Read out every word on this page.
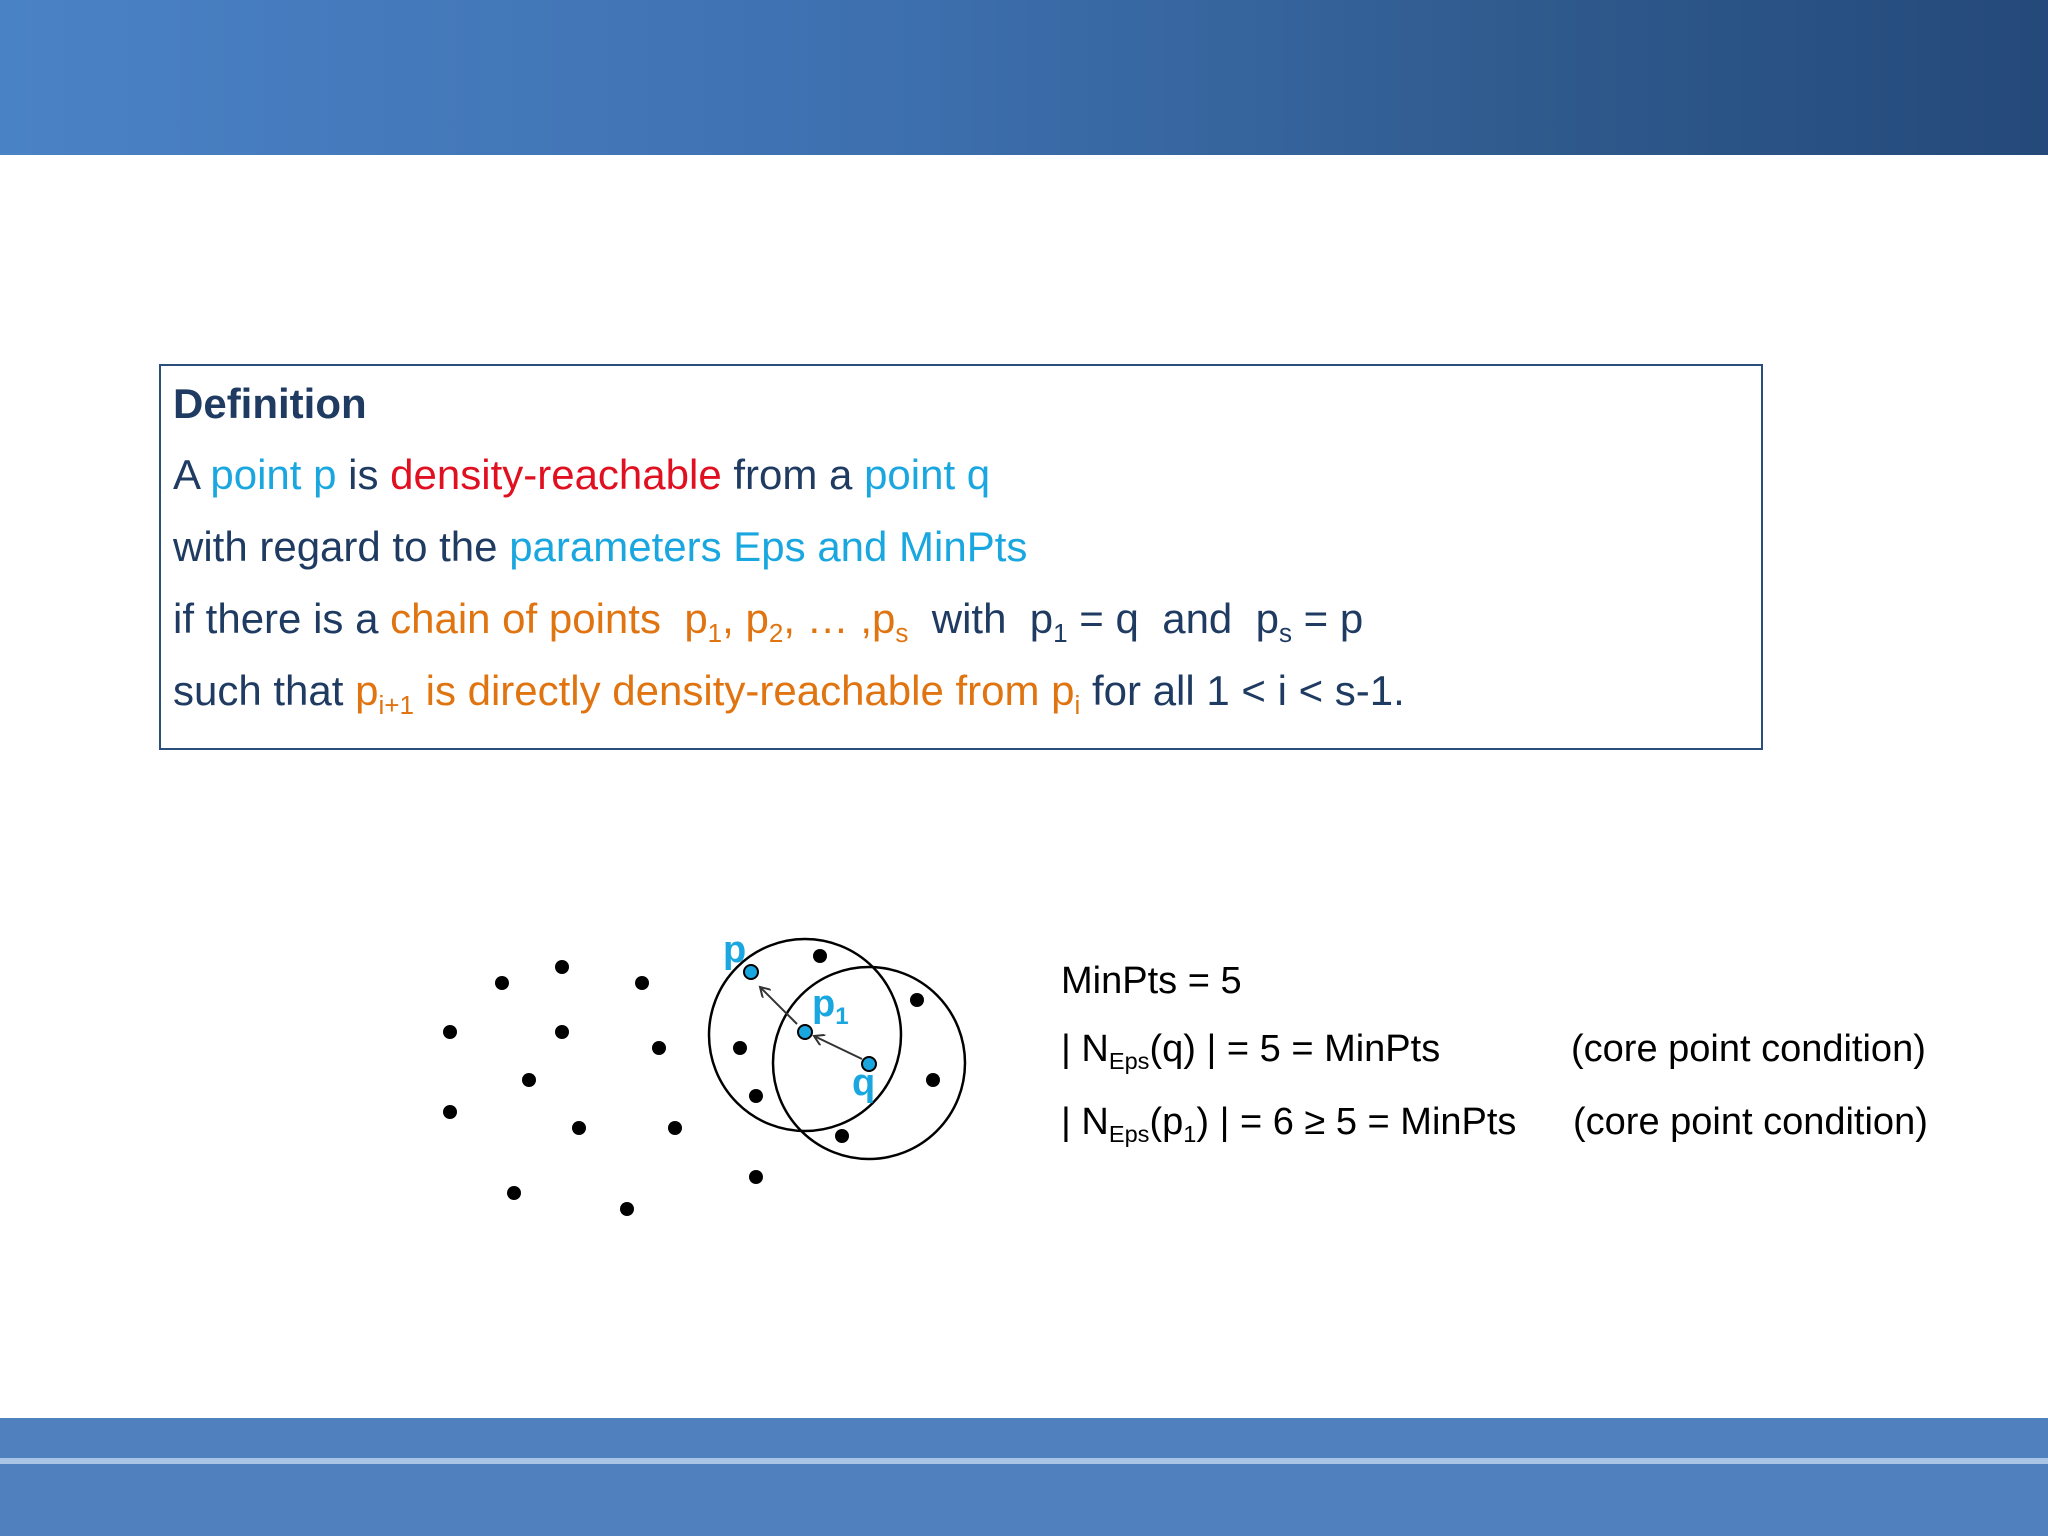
Definition
A point p is density-reachable from a point q
with regard to the parameters Eps and MinPts
if there is a chain of points $p_1$, $p_2$, … $,p_s$ with $p_1 = q$ and $p_s = p$
such that $p_{i+1}$ is directly density-reachable from $p_i$ for all 1 < i < s-1.
p
$p_1$
q
MinPts = 5
| $N_{Eps}(q)$ | = 5 = MinPts
| $N_{Eps}(p_1)$ | = 6 ≥ 5 = MinPts
(core point condition)
(core point condition)
